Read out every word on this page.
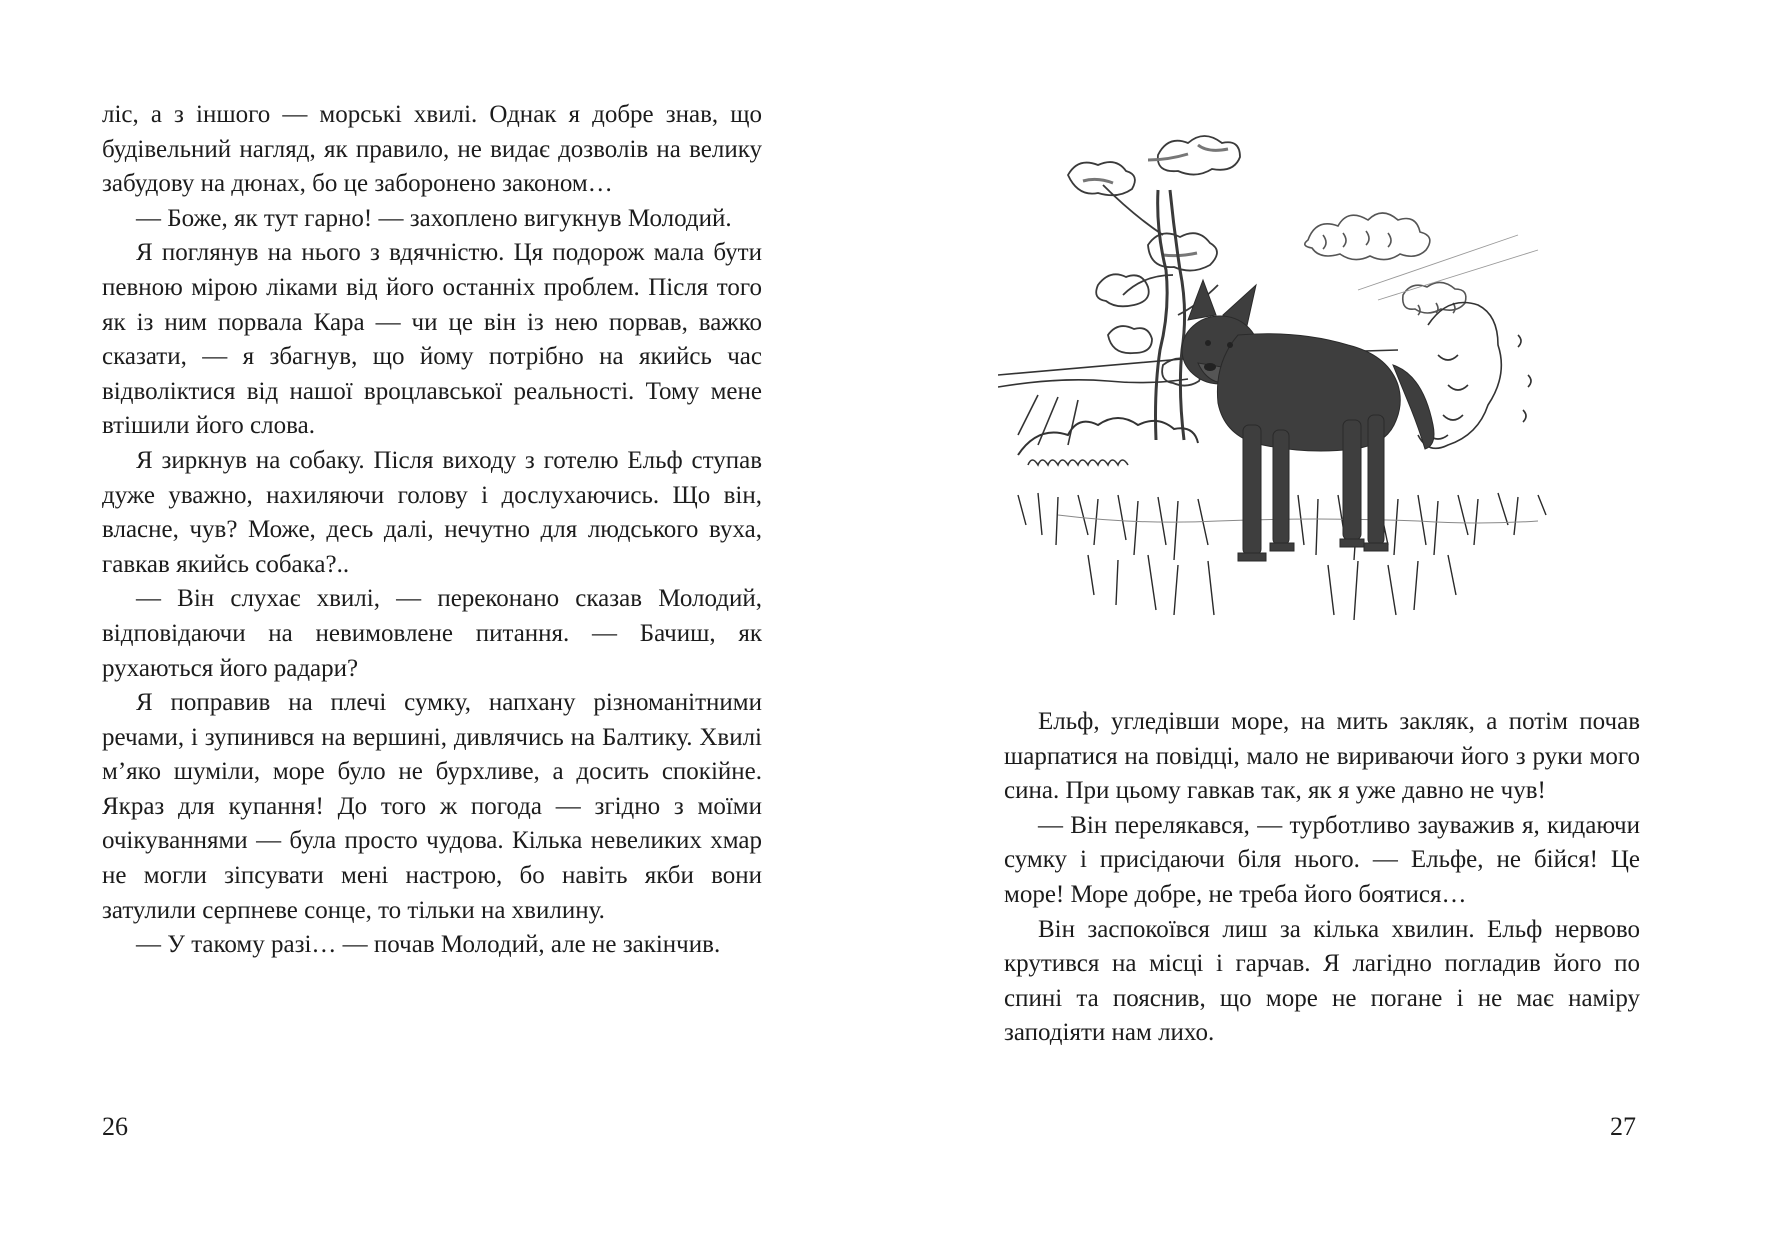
ліс, а з іншого — морські хвилі. Однак я добре знав, що будівельний нагляд, як правило, не видає дозволів на велику забудову на дюнах, бо це заборонено законом…

— Боже, як тут гарно! — захоплено вигукнув Молодий.

Я поглянув на нього з вдячністю. Ця подорож мала бути певною мірою ліками від його останніх проблем. Після того як із ним порвала Кара — чи це він із нею порвав, важко сказати, — я збагнув, що йому потрібно на якийсь час відволіктися від нашої вроцлавської реальності. Тому мене втішили його слова.

Я зиркнув на собаку. Після виходу з готелю Ельф ступав дуже уважно, нахиляючи голову і дослухаючись. Що він, власне, чув? Може, десь далі, нечутно для людського вуха, гавкав якийсь собака?..

— Він слухає хвилі, — переконано сказав Молодий, відповідаючи на невимовлене питання. — Бачиш, як рухаються його радари?

Я поправив на плечі сумку, напхану різноманітними речами, і зупинився на вершині, дивлячись на Балтику. Хвилі м’яко шуміли, море було не бурхливе, а досить спокійне. Якраз для купання! До того ж погода — згідно з моїми очікуваннями — була просто чудова. Кілька невеликих хмар не могли зіпсувати мені настрою, бо навіть якби вони затулили серпневе сонце, то тільки на хвилину.

— У такому разі… — почав Молодий, але не закінчив.

26

Ельф, угледівши море, на мить закляк, а потім почав шарпатися на повідці, мало не вириваючи його з руки мого сина. При цьому гавкав так, як я уже давно не чув!

— Він перелякався, — турботливо зауважив я, кидаючи сумку і присідаючи біля нього. — Ельфе, не бійся! Це море! Море добре, не треба його боятися…

Він заспокоївся лиш за кілька хвилин. Ельф нервово крутився на місці і гарчав. Я лагідно погладив його по спині та пояснив, що море не погане і не має наміру заподіяти нам лихо.

27
